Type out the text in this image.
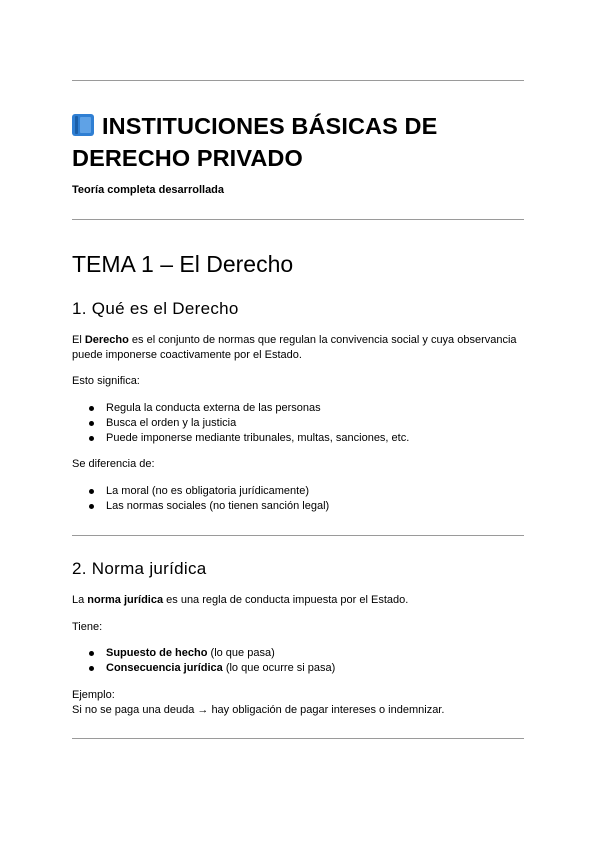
INSTITUCIONES BÁSICAS DE DERECHO PRIVADO
Teoría completa desarrollada
TEMA 1 – El Derecho
1. Qué es el Derecho
El Derecho es el conjunto de normas que regulan la convivencia social y cuya observancia puede imponerse coactivamente por el Estado.
Esto significa:
Regula la conducta externa de las personas
Busca el orden y la justicia
Puede imponerse mediante tribunales, multas, sanciones, etc.
Se diferencia de:
La moral (no es obligatoria jurídicamente)
Las normas sociales (no tienen sanción legal)
2. Norma jurídica
La norma jurídica es una regla de conducta impuesta por el Estado.
Tiene:
Supuesto de hecho (lo que pasa)
Consecuencia jurídica (lo que ocurre si pasa)
Ejemplo:
Si no se paga una deuda → hay obligación de pagar intereses o indemnizar.
